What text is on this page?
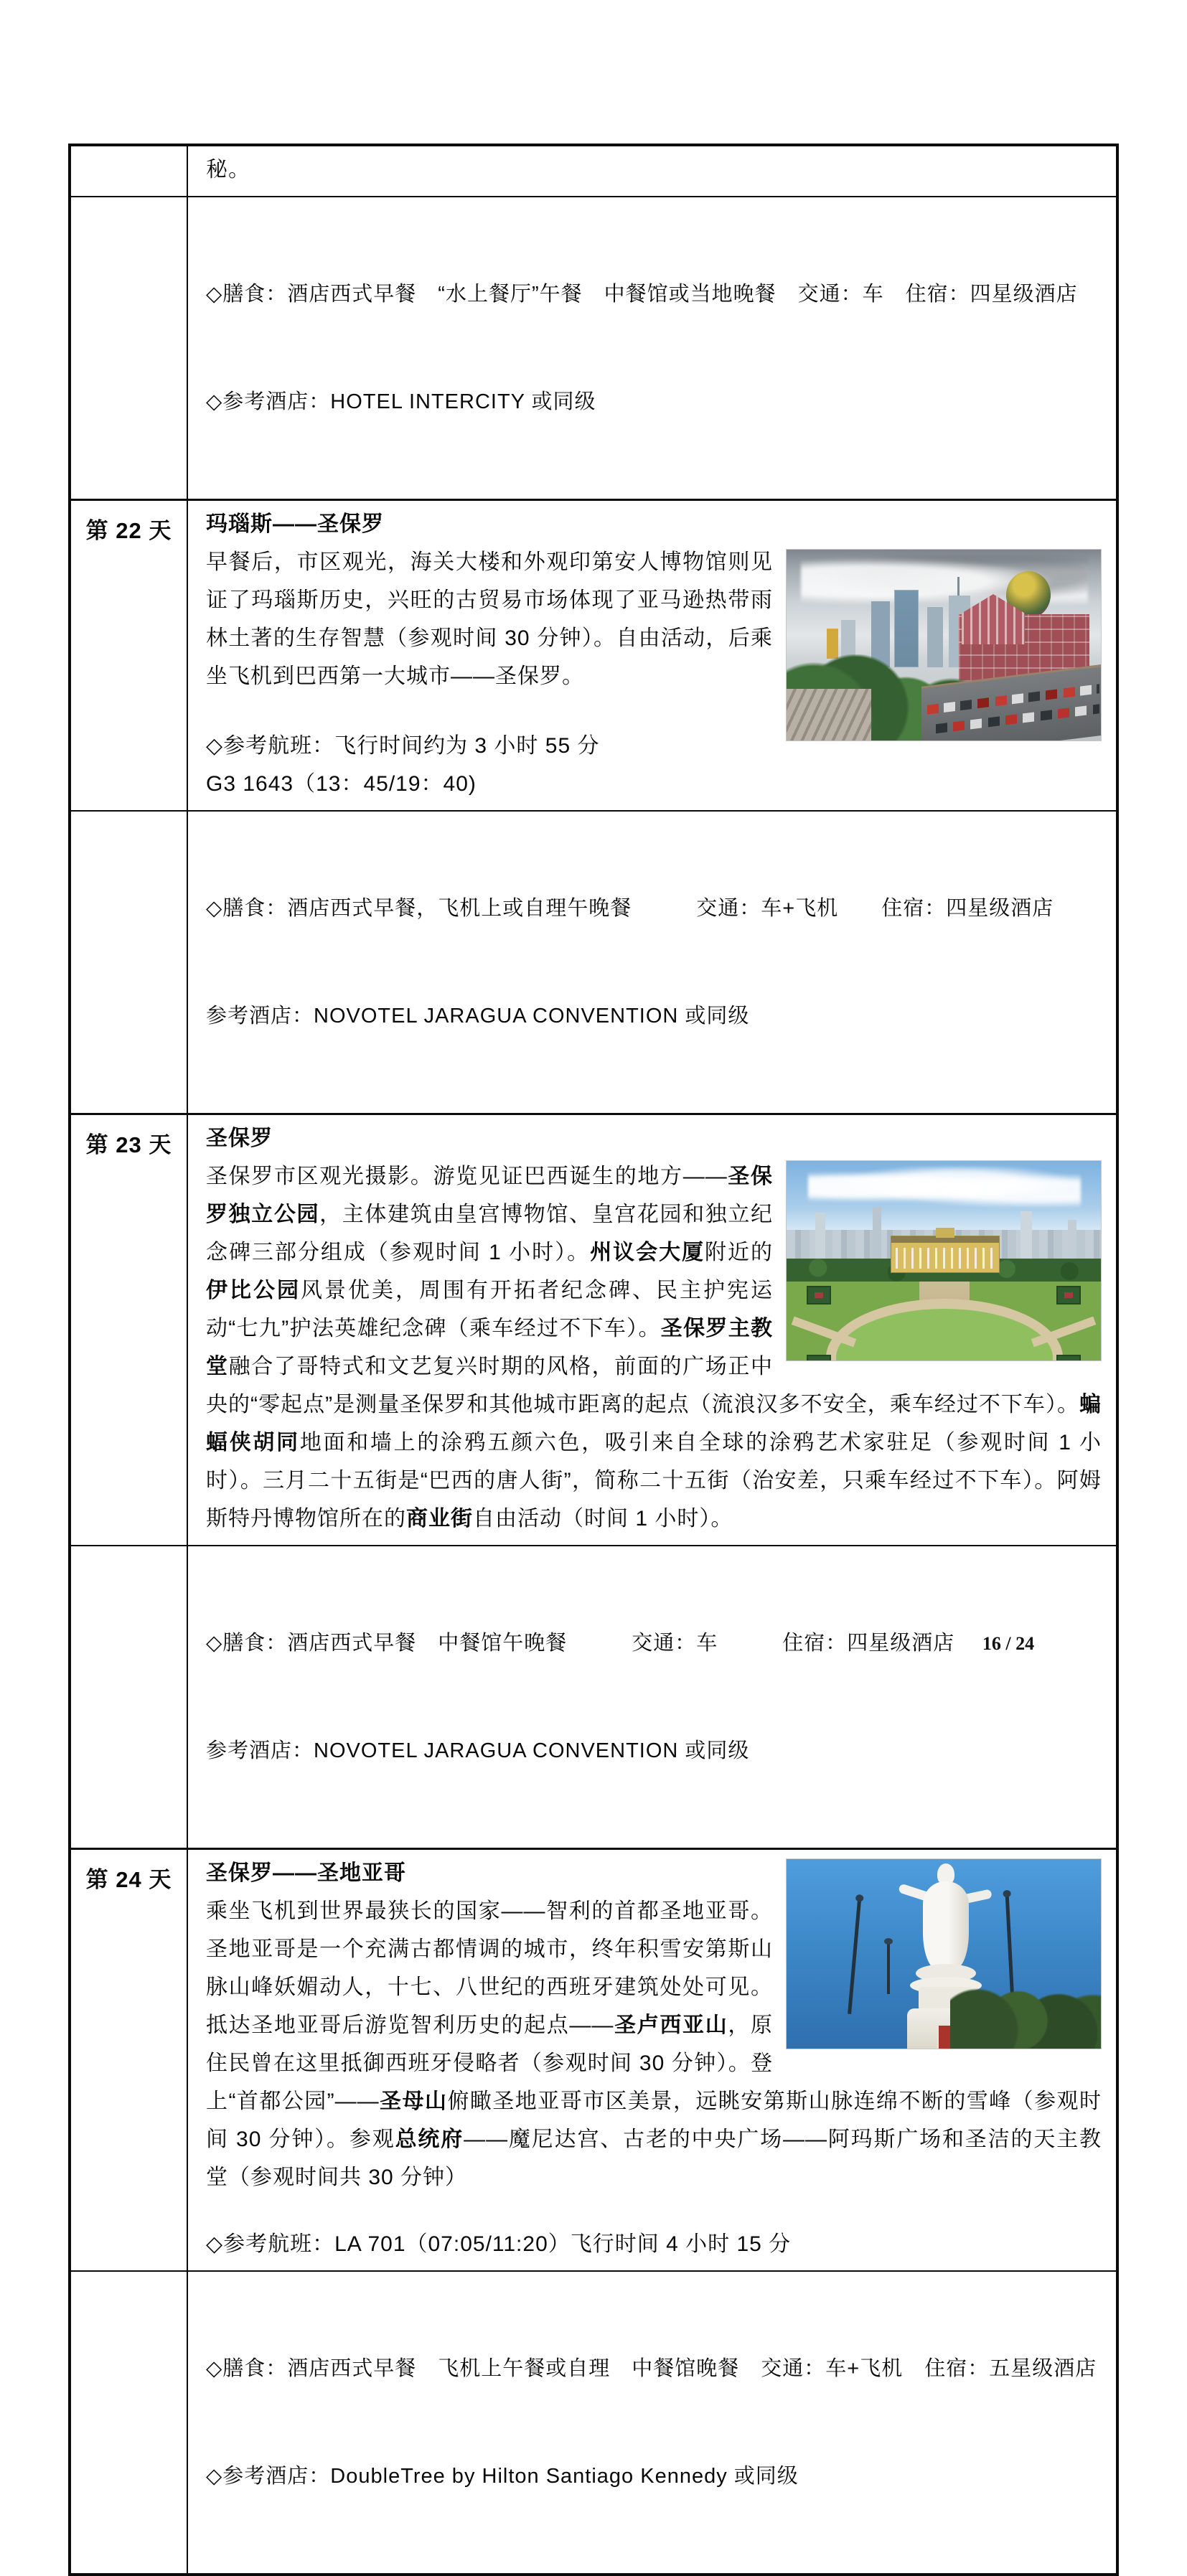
秘。

◇膳食：酒店西式早餐　“水上餐厅”午餐　中餐馆或当地晚餐　交通：车　住宿：四星级酒店

◇参考酒店：HOTEL INTERCITY 或同级

第 22 天	玛瑙斯——圣保罗
早餐后，市区观光，海关大楼和外观印第安人博物馆则见证了玛瑙斯历史，兴旺的古贸易市场体现了亚马逊热带雨林土著的生存智慧（参观时间 30 分钟）。自由活动，后乘坐飞机到巴西第一大城市——圣保罗。
◇参考航班：飞行时间约为 3 小时 55 分
G3 1643（13：45/19：40)

◇膳食：酒店西式早餐，飞机上或自理午晚餐　　　交通：车+飞机　　住宿：四星级酒店

参考酒店：NOVOTEL JARAGUA CONVENTION 或同级

第 23 天	圣保罗
圣保罗市区观光摄影。游览见证巴西诞生的地方——圣保罗独立公园，主体建筑由皇宫博物馆、皇宫花园和独立纪念碑三部分组成（参观时间 1 小时）。州议会大厦附近的伊比公园风景优美，周围有开拓者纪念碑、民主护宪运动“七九”护法英雄纪念碑（乘车经过不下车）。圣保罗主教堂融合了哥特式和文艺复兴时期的风格，前面的广场正中央的“零起点”是测量圣保罗和其他城市距离的起点（流浪汉多不安全，乘车经过不下车）。蝙蝠侠胡同地面和墙上的涂鸦五颜六色，吸引来自全球的涂鸦艺术家驻足（参观时间 1 小时）。三月二十五街是“巴西的唐人街”，简称二十五街（治安差，只乘车经过不下车）。阿姆斯特丹博物馆所在的商业街自由活动（时间 1 小时）。

◇膳食：酒店西式早餐　中餐馆午晚餐　　　交通：车　　　住宿：四星级酒店

参考酒店：NOVOTEL JARAGUA CONVENTION 或同级

第 24 天	圣保罗——圣地亚哥
乘坐飞机到世界最狭长的国家——智利的首都圣地亚哥。圣地亚哥是一个充满古都情调的城市，终年积雪安第斯山脉山峰妖媚动人，十七、八世纪的西班牙建筑处处可见。抵达圣地亚哥后游览智利历史的起点——圣卢西亚山，原住民曾在这里抵御西班牙侵略者（参观时间 30 分钟）。登上“首都公园”——圣母山俯瞰圣地亚哥市区美景，远眺安第斯山脉连绵不断的雪峰（参观时间 30 分钟）。参观总统府——魔尼达宫、古老的中央广场——阿玛斯广场和圣洁的天主教堂（参观时间共 30 分钟）
◇参考航班：LA 701（07:05/11:20）飞行时间 4 小时 15 分

◇膳食：酒店西式早餐　飞机上午餐或自理　中餐馆晚餐　交通：车+飞机　住宿：五星级酒店

◇参考酒店：DoubleTree by Hilton Santiago Kennedy 或同级

16 / 24
